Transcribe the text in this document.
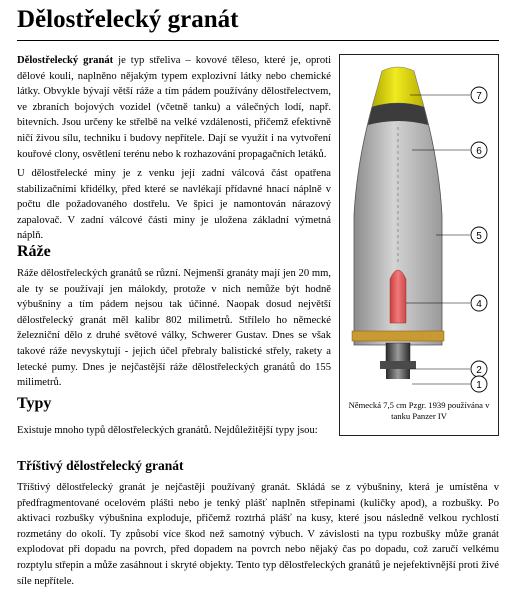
Dělostřelecký granát

Dělostřelecký granát je typ střeliva – kovové těleso, které je, oproti dělové kouli, naplněno nějakým typem explozivní látky nebo chemické látky. Obvykle bývají větší ráže a tím pádem používány dělostřelectvem, ve zbraních bojových vozidel (včetně tanku) a válečných lodí, např. bitevních. Jsou určeny ke střelbě na velké vzdálenosti, přičemž efektivně ničí živou sílu, techniku i budovy nepřítele. Dají se využít i na vytvoření kouřové clony, osvětlení terénu nebo k rozhazování propagačních letáků.

U dělostřelecké miny je z venku její zadní válcová část opatřena stabilizačními křidélky, před které se navlékají přídavné hnací náplně v počtu dle požadovaného dostřelu. Ve špici je namontován nárazový zapalovač. V zadní válcové části miny je uložena základní výmetná náplň.

Ráže

Ráže dělostřeleckých granátů se různí. Nejmenší granáty mají jen 20 mm, ale ty se používají jen málokdy, protože v nich nemůže být hodně výbušniny a tím pádem nejsou tak účinné. Naopak dosud největší dělostřelecký granát měl kalibr 802 milimetrů. Střílelo ho německé železniční dělo z druhé světové války, Schwerer Gustav. Dnes se však takové ráže nevyskytují - jejich účel přebraly balistické střely, rakety a letecké pumy. Dnes je nejčastější ráže dělostřeleckých granátů do 155 milimetrů.

Typy

Existuje mnoho typů dělostřeleckých granátů. Nejdůležitější typy jsou:

Tříštivý dělostřelecký granát

Tříštivý dělostřelecký granát je nejčastěji používaný granát. Skládá se z výbušniny, která je umístěna v předfragmentované ocelovém plášti nebo je tenký plášť naplněn střepinami (kuličky apod), a rozbušky. Po aktivaci rozbušky výbušnina exploduje, přičemž roztrhá plášť na kusy, které jsou následně velkou rychlostí rozmetány do okolí. Ty způsobí více škod než samotný výbuch. V závislosti na typu rozbušky může granát explodovat při dopadu na povrch, před dopadem na povrch nebo nějaký čas po dopadu, což zaručí velkému rozptylu střepin a může zasáhnout i skryté objekty. Tento typ dělostřeleckých granátů je nejefektivnější proti živé síle nepřítele.

7
6
5
4
2
1
Německá 7,5 cm Pzgr. 1939 používána v tanku Panzer IV
